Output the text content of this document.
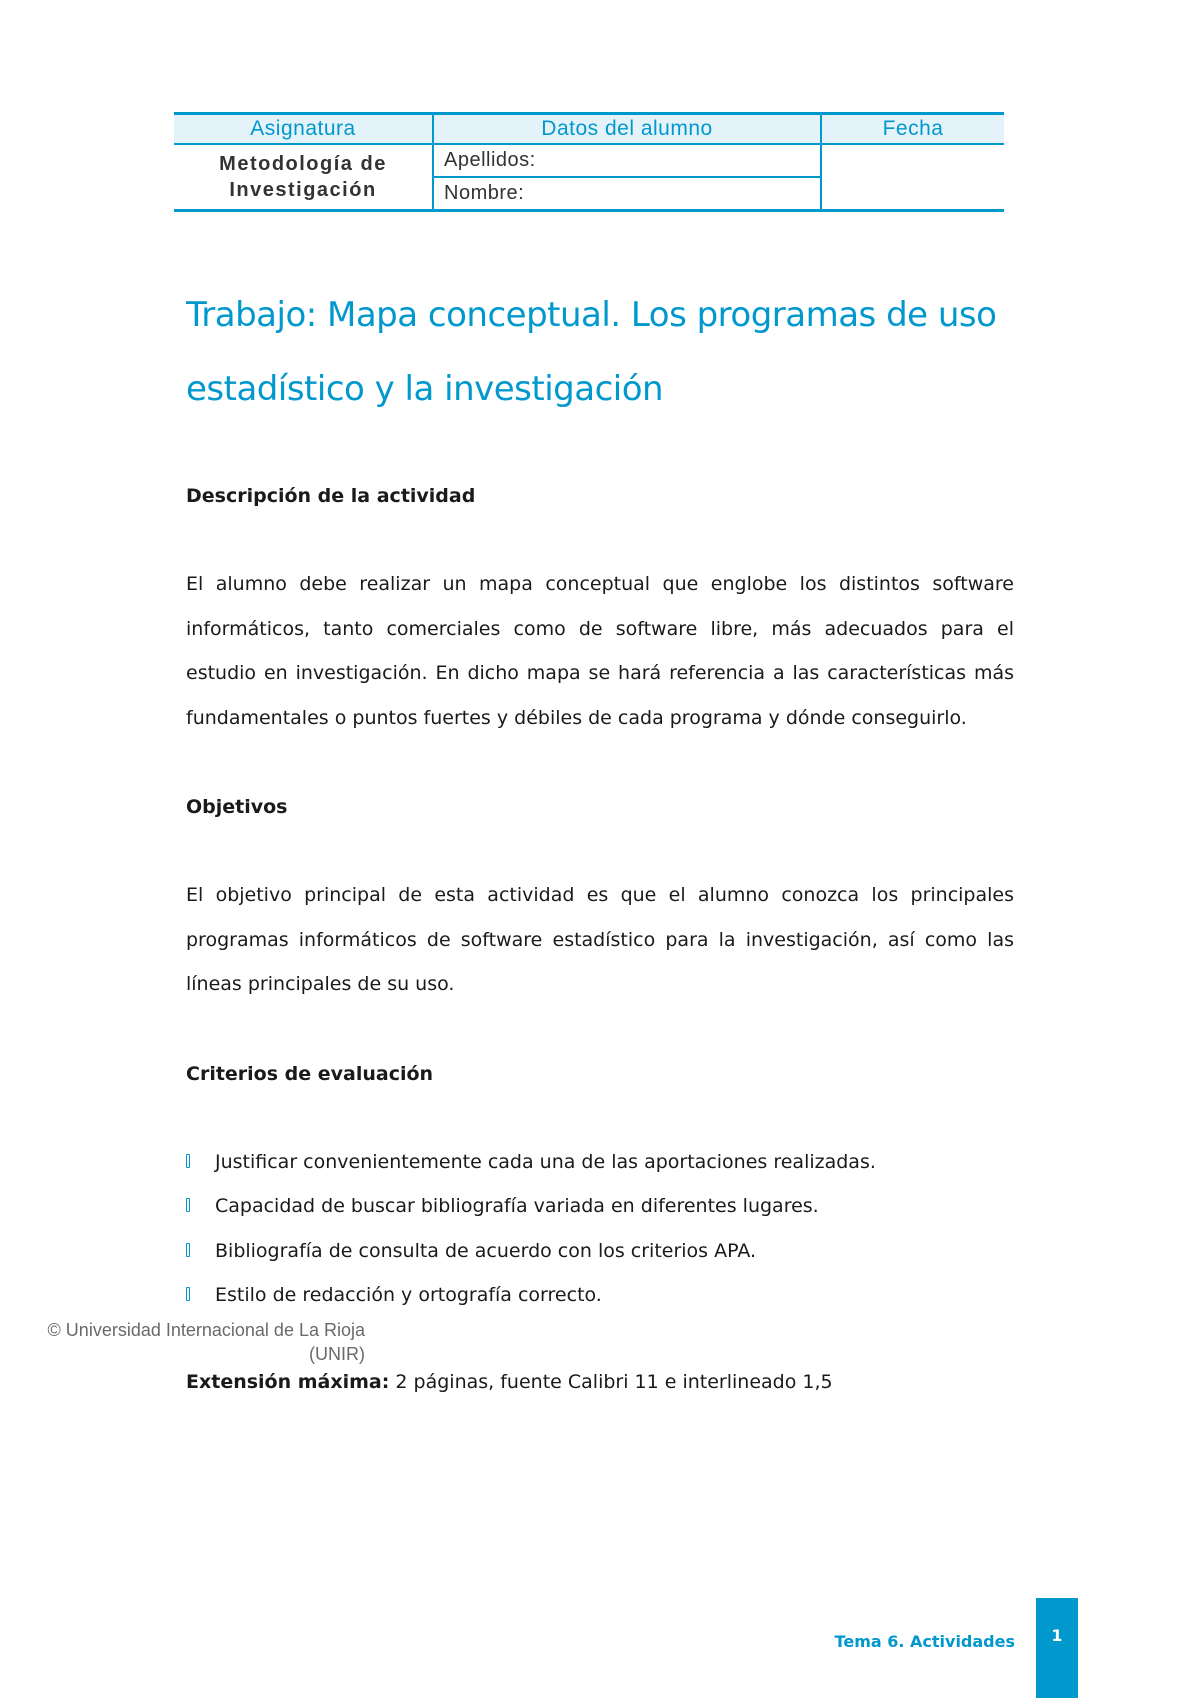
Asignatura	Datos del alumno	Fecha

Metodología de
Investigación	Apellidos:	
	Nombre:	
Trabajo: Mapa conceptual. Los programas de uso estadístico y la investigación

Descripción de la actividad

El alumno debe realizar un mapa conceptual que englobe los distintos software informáticos, tanto comerciales como de software libre, más adecuados para el estudio en investigación. En dicho mapa se hará referencia a las características más fundamentales o puntos fuertes y débiles de cada programa y dónde conseguirlo.

Objetivos

El objetivo principal de esta actividad es que el alumno conozca los principales programas informáticos de software estadístico para la investigación, así como las líneas principales de su uso.

Criterios de evaluación

Justificar convenientemente cada una de las aportaciones realizadas.
Capacidad de buscar bibliografía variada en diferentes lugares.
Bibliografía de consulta de acuerdo con los criterios APA.
Estilo de redacción y ortografía correcto.
© Universidad Internacional de La Rioja
(UNIR)
Extensión máxima: 2 páginas, fuente Calibri 11 e interlineado 1,5
Tema 6. Actividades	1
